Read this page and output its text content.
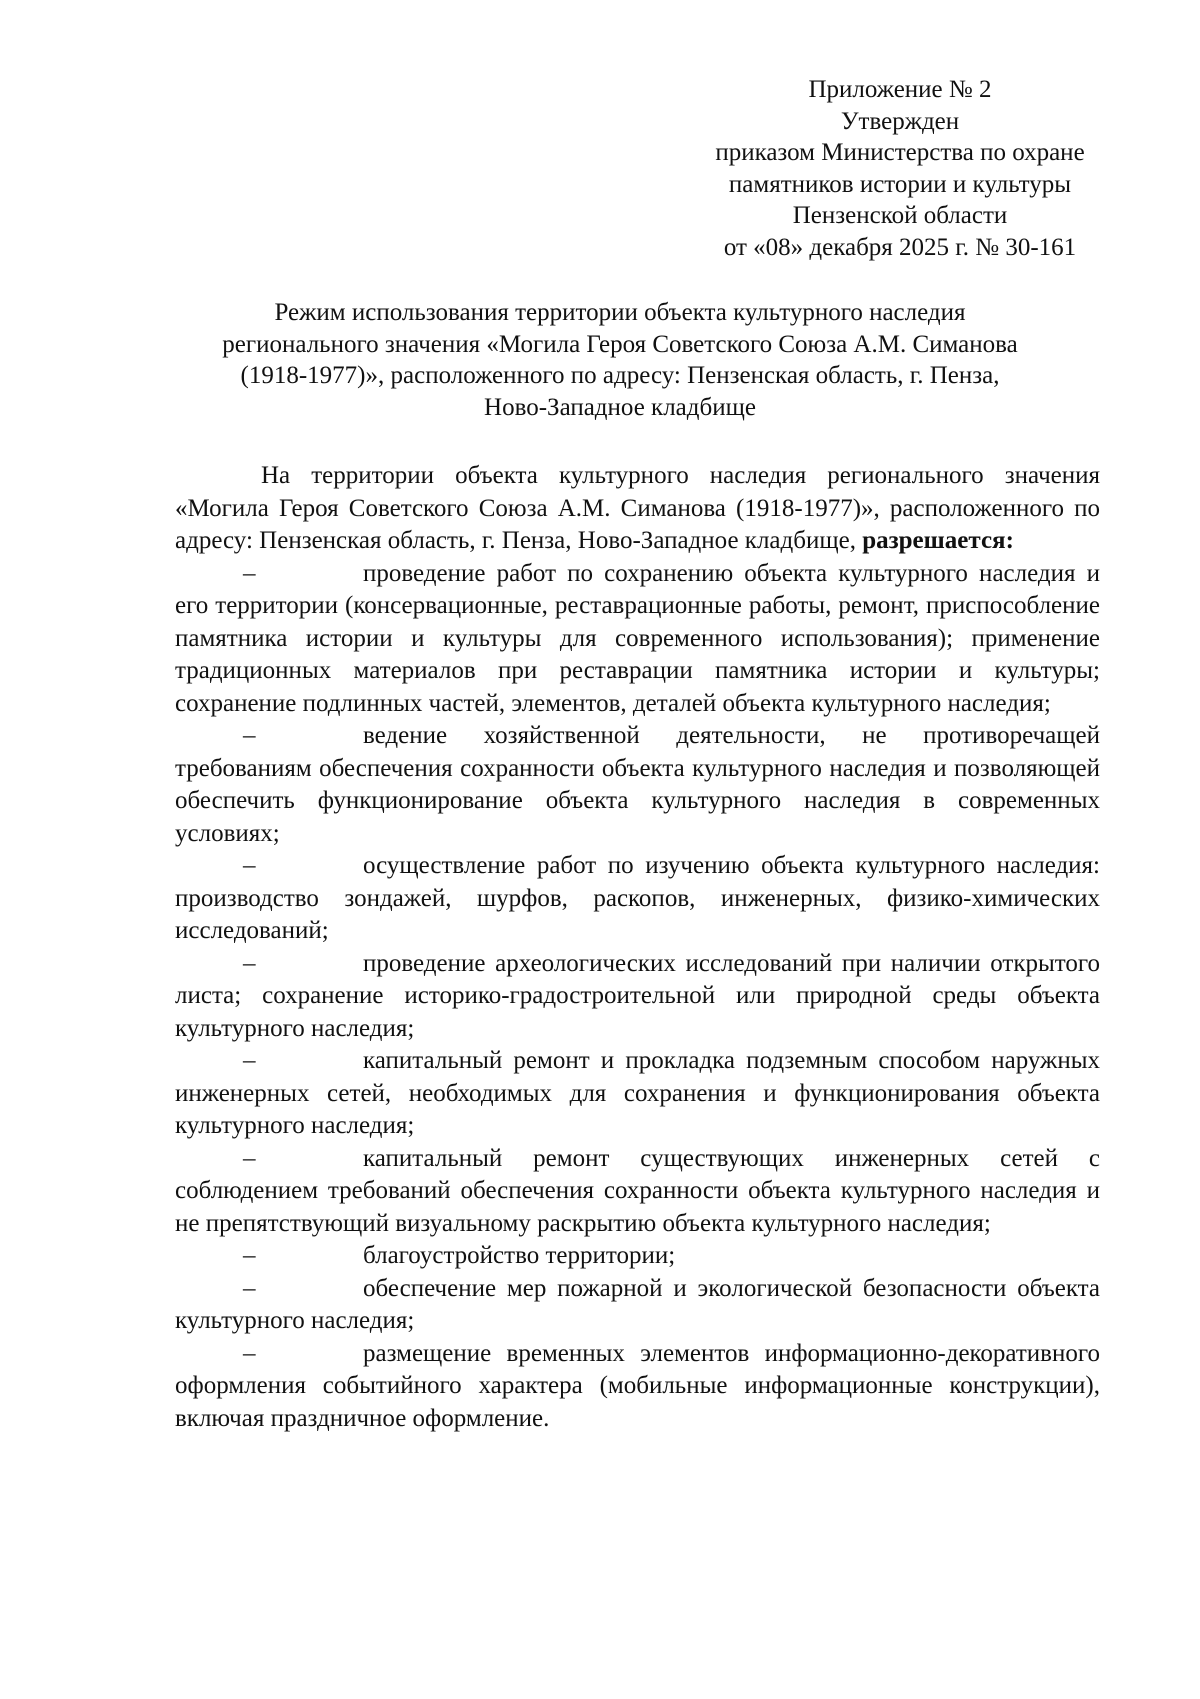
Приложение № 2
Утвержден
приказом Министерства по охране
памятников истории и культуры
Пензенской области
от «08» декабря 2025 г. № 30-161
Режим использования территории объекта культурного наследия
регионального значения «Могила Героя Советского Союза А.М. Симанова
(1918-1977)», расположенного по адресу: Пензенская область, г. Пенза,
Ново-Западное кладбище

На территории объекта культурного наследия регионального значения «Могила Героя Советского Союза А.М. Симанова (1918-1977)», расположенного по адресу: Пензенская область, г. Пенза, Ново-Западное кладбище, разрешается:

–	проведение работ по сохранению объекта культурного наследия и его территории (консервационные, реставрационные работы, ремонт, приспособление памятника истории и культуры для современного использования); применение традиционных материалов при реставрации памятника истории и культуры; сохранение подлинных частей, элементов, деталей объекта культурного наследия;

–	ведение хозяйственной деятельности, не противоречащей требованиям обеспечения сохранности объекта культурного наследия и позволяющей обеспечить функционирование объекта культурного наследия в современных условиях;

–	осуществление работ по изучению объекта культурного наследия: производство зондажей, шурфов, раскопов, инженерных, физико-химических исследований;

–	проведение археологических исследований при наличии открытого листа; сохранение историко-градостроительной или природной среды объекта культурного наследия;

–	капитальный ремонт и прокладка подземным способом наружных инженерных сетей, необходимых для сохранения и функционирования объекта культурного наследия;

–	капитальный ремонт существующих инженерных сетей с соблюдением требований обеспечения сохранности объекта культурного наследия и не препятствующий визуальному раскрытию объекта культурного наследия;

–	благоустройство территории;

–	обеспечение мер пожарной и экологической безопасности объекта культурного наследия;

–	размещение временных элементов информационно-декоративного оформления событийного характера (мобильные информационные конструкции), включая праздничное оформление.
